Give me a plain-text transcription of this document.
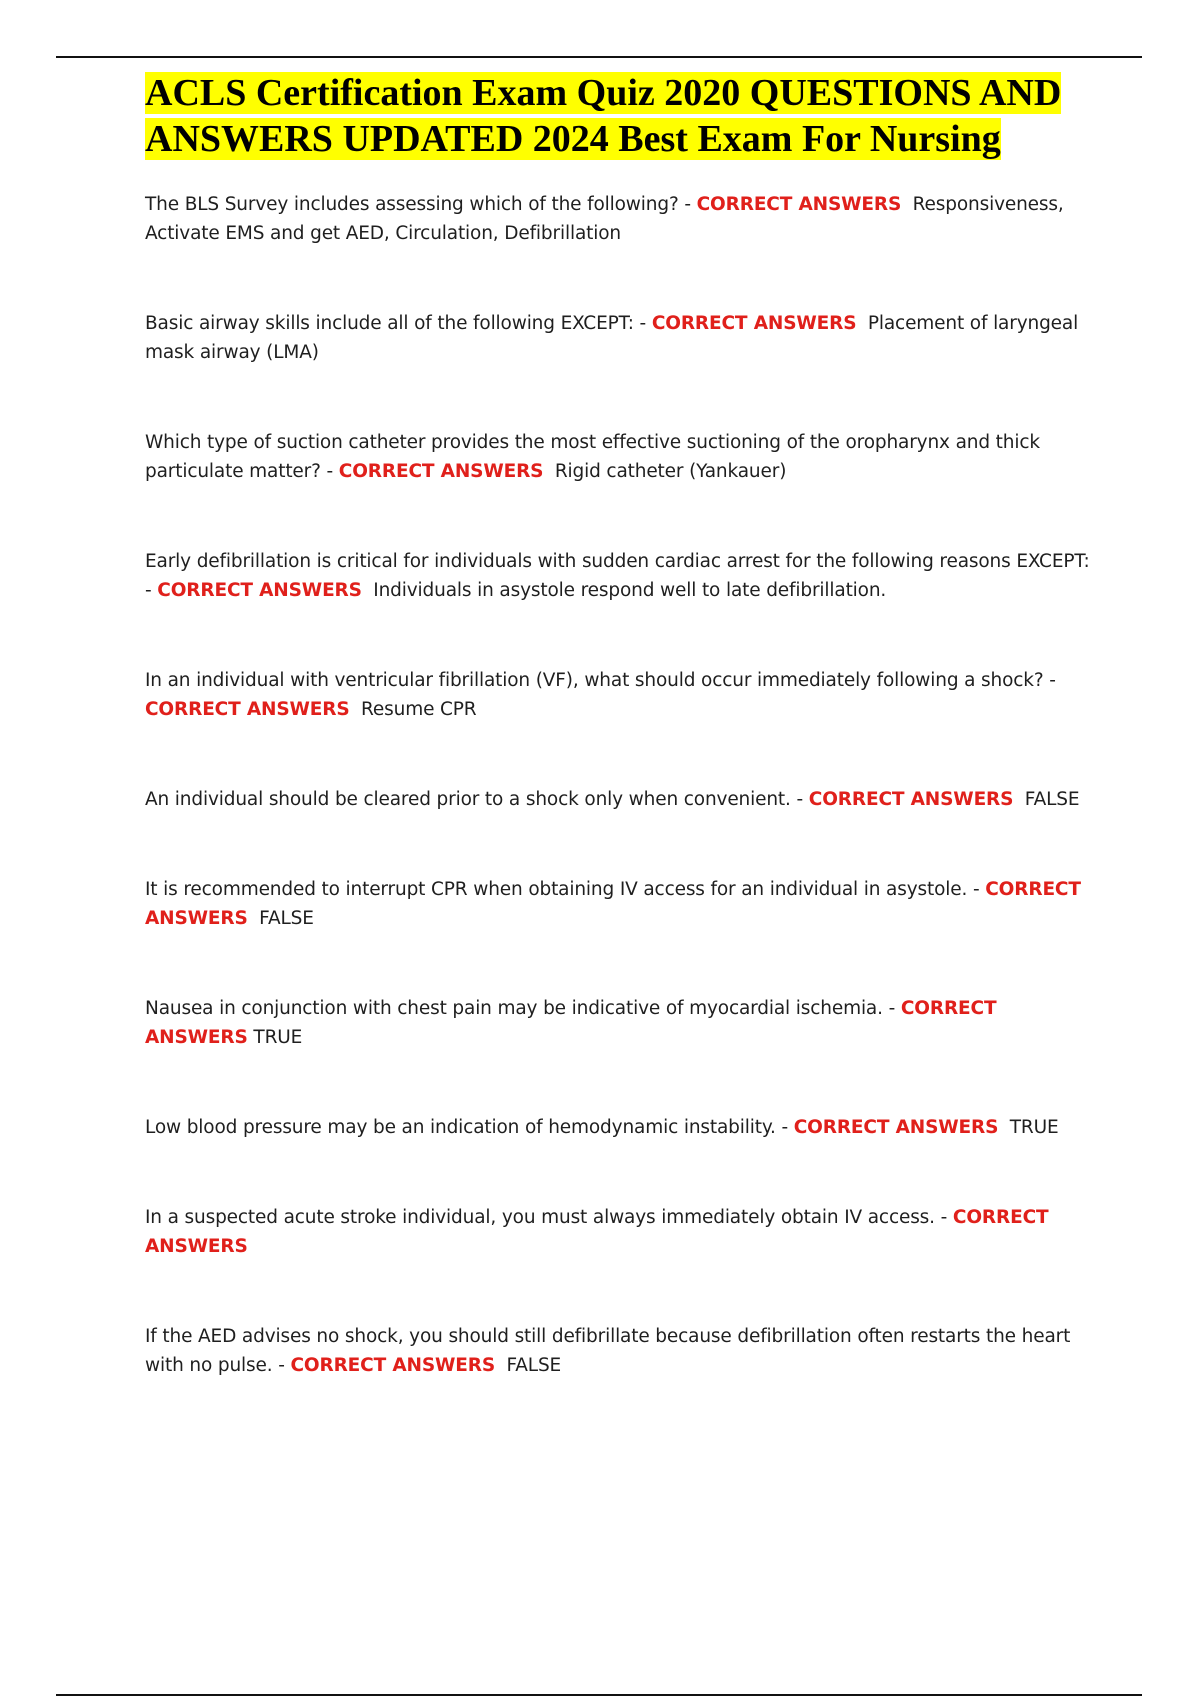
ACLS Certification Exam Quiz 2020 QUESTIONS AND ANSWERS UPDATED 2024 Best Exam For Nursing

The BLS Survey includes assessing which of the following? - CORRECT ANSWERS Responsiveness, Activate EMS and get AED, Circulation, Defibrillation

Basic airway skills include all of the following EXCEPT: - CORRECT ANSWERS Placement of laryngeal mask airway (LMA)

Which type of suction catheter provides the most effective suctioning of the oropharynx and thick particulate matter? - CORRECT ANSWERS Rigid catheter (Yankauer)

Early defibrillation is critical for individuals with sudden cardiac arrest for the following reasons EXCEPT: - CORRECT ANSWERS Individuals in asystole respond well to late defibrillation.

In an individual with ventricular fibrillation (VF), what should occur immediately following a shock? - CORRECT ANSWERS Resume CPR

An individual should be cleared prior to a shock only when convenient. - CORRECT ANSWERS FALSE

It is recommended to interrupt CPR when obtaining IV access for an individual in asystole. - CORRECT ANSWERS FALSE

Nausea in conjunction with chest pain may be indicative of myocardial ischemia. - CORRECT ANSWERS TRUE

Low blood pressure may be an indication of hemodynamic instability. - CORRECT ANSWERS TRUE

In a suspected acute stroke individual, you must always immediately obtain IV access. - CORRECT ANSWERS

If the AED advises no shock, you should still defibrillate because defibrillation often restarts the heart with no pulse. - CORRECT ANSWERS FALSE
